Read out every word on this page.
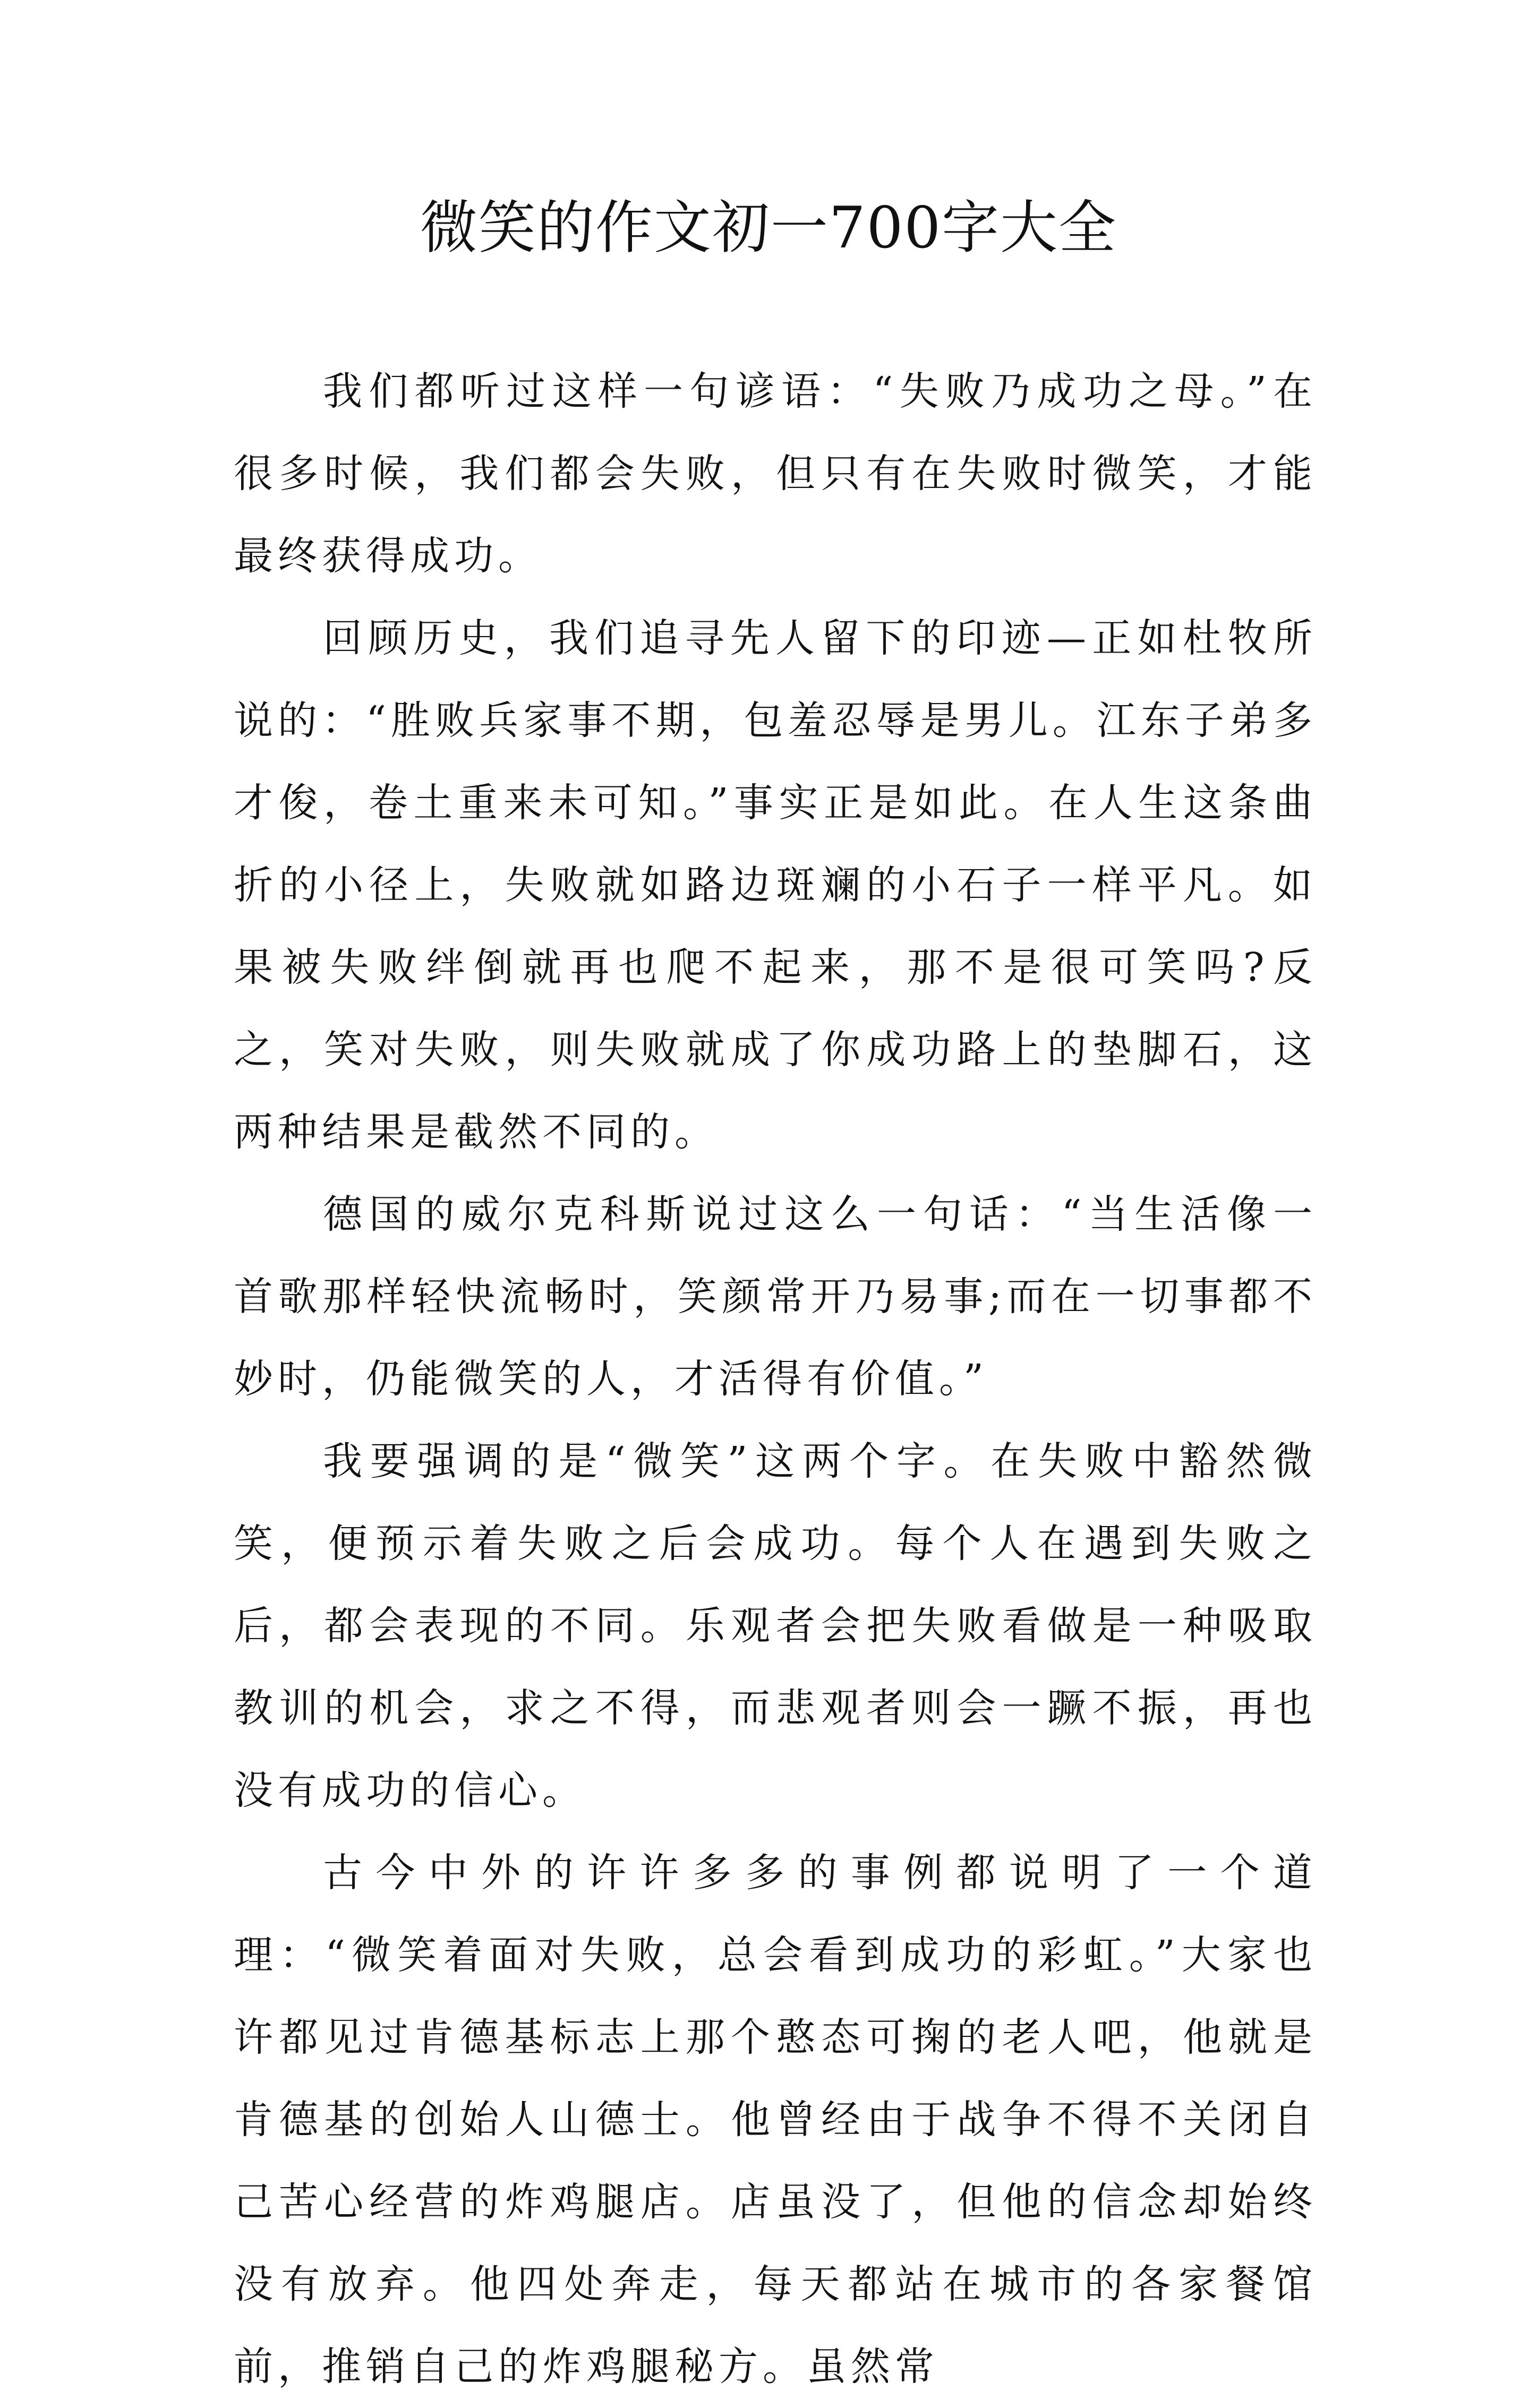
微笑的作文初一700字大全

我们都听过这样一句谚语：“失败乃成功之母。”在很多时候，我们都会失败，但只有在失败时微笑，才能最终获得成功。

回顾历史，我们追寻先人留下的印迹—正如杜牧所说的：“胜败兵家事不期，包羞忍辱是男儿。江东子弟多才俊，卷土重来未可知。”事实正是如此。在人生这条曲折的小径上，失败就如路边斑斓的小石子一样平凡。如果被失败绊倒就再也爬不起来，那不是很可笑吗?反之，笑对失败，则失败就成了你成功路上的垫脚石，这两种结果是截然不同的。

德国的威尔克科斯说过这么一句话：“当生活像一首歌那样轻快流畅时，笑颜常开乃易事;而在一切事都不妙时，仍能微笑的人，才活得有价值。”

我要强调的是“微笑”这两个字。在失败中豁然微笑，便预示着失败之后会成功。每个人在遇到失败之后，都会表现的不同。乐观者会把失败看做是一种吸取教训的机会，求之不得，而悲观者则会一蹶不振，再也没有成功的信心。

古今中外的许许多多的事例都说明了一个道理：“微笑着面对失败，总会看到成功的彩虹。”大家也许都见过肯德基标志上那个憨态可掬的老人吧，他就是肯德基的创始人山德士。他曾经由于战争不得不关闭自己苦心经营的炸鸡腿店。店虽没了，但他的信念却始终没有放弃。他四处奔走，每天都站在城市的各家餐馆前，推销自己的炸鸡腿秘方。虽然常
